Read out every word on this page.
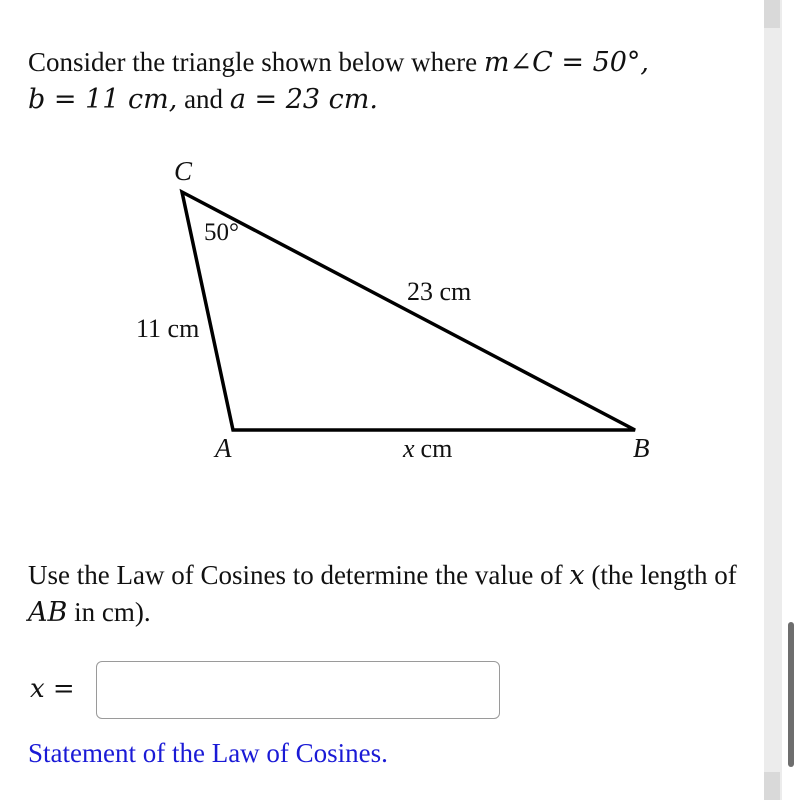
Consider the triangle shown below where m∠C = 50°,
b = 11 cm, and a = 23 cm.
C
50°
23 cm
11 cm
A	x cm	B
Use the Law of Cosines to determine the value of x (the length of AB in cm).
x =
Statement of the Law of Cosines.
